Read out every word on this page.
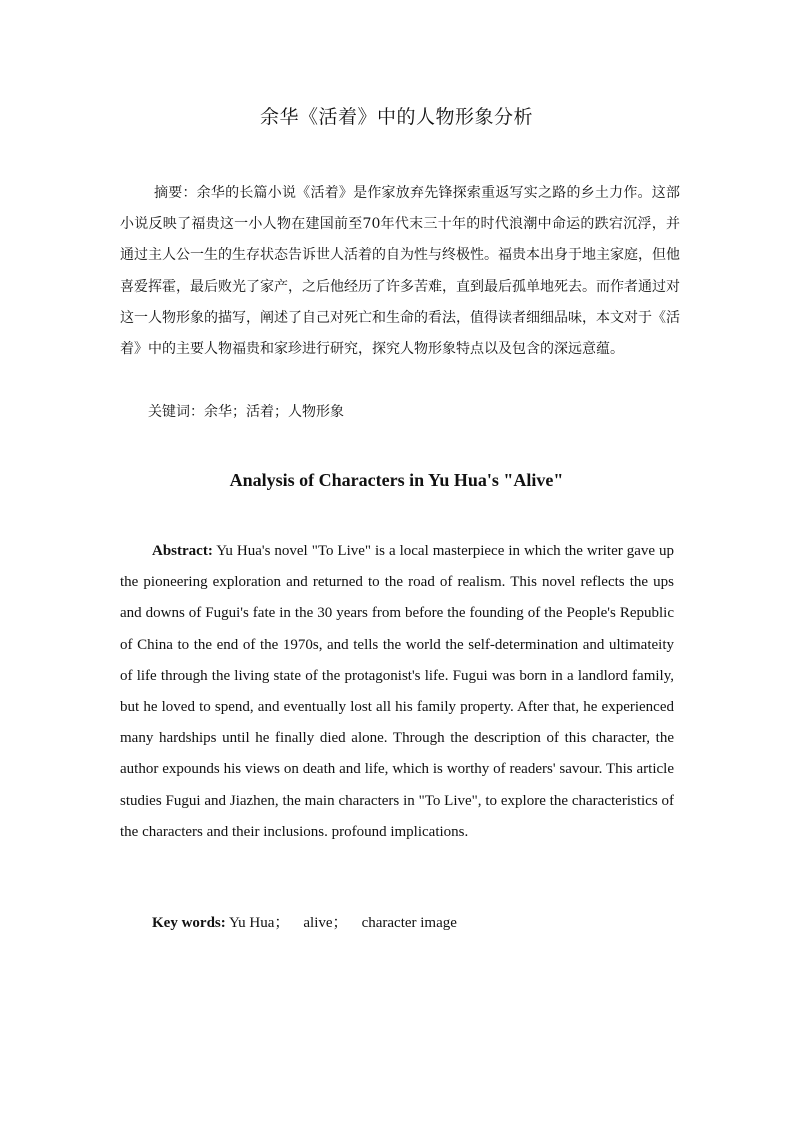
余华《活着》中的人物形象分析

摘要：余华的长篇小说《活着》是作家放弃先锋探索重返写实之路的乡土力作。这部小说反映了福贵这一小人物在建国前至70年代末三十年的时代浪潮中命运的跌宕沉浮，并通过主人公一生的生存状态告诉世人活着的自为性与终极性。福贵本出身于地主家庭，但他喜爱挥霍，最后败光了家产，之后他经历了许多苦难，直到最后孤单地死去。而作者通过对这一人物形象的描写，阐述了自己对死亡和生命的看法，值得读者细细品味，本文对于《活着》中的主要人物福贵和家珍进行研究，探究人物形象特点以及包含的深远意蕴。

关键词：余华；活着；人物形象
Analysis of Characters in Yu Hua's "Alive"

Abstract: Yu Hua's novel "To Live" is a local masterpiece in which the writer gave up the pioneering exploration and returned to the road of realism. This novel reflects the ups and downs of Fugui's fate in the 30 years from before the founding of the People's Republic of China to the end of the 1970s, and tells the world the self-determination and ultimateity of life through the living state of the protagonist's life. Fugui was born in a landlord family, but he loved to spend, and eventually lost all his family property. After that, he experienced many hardships until he finally died alone. Through the description of this character, the author expounds his views on death and life, which is worthy of readers' savour. This article studies Fugui and Jiazhen, the main characters in "To Live", to explore the characteristics of the characters and their inclusions. profound implications.

Key words: Yu Hua； alive； character image
